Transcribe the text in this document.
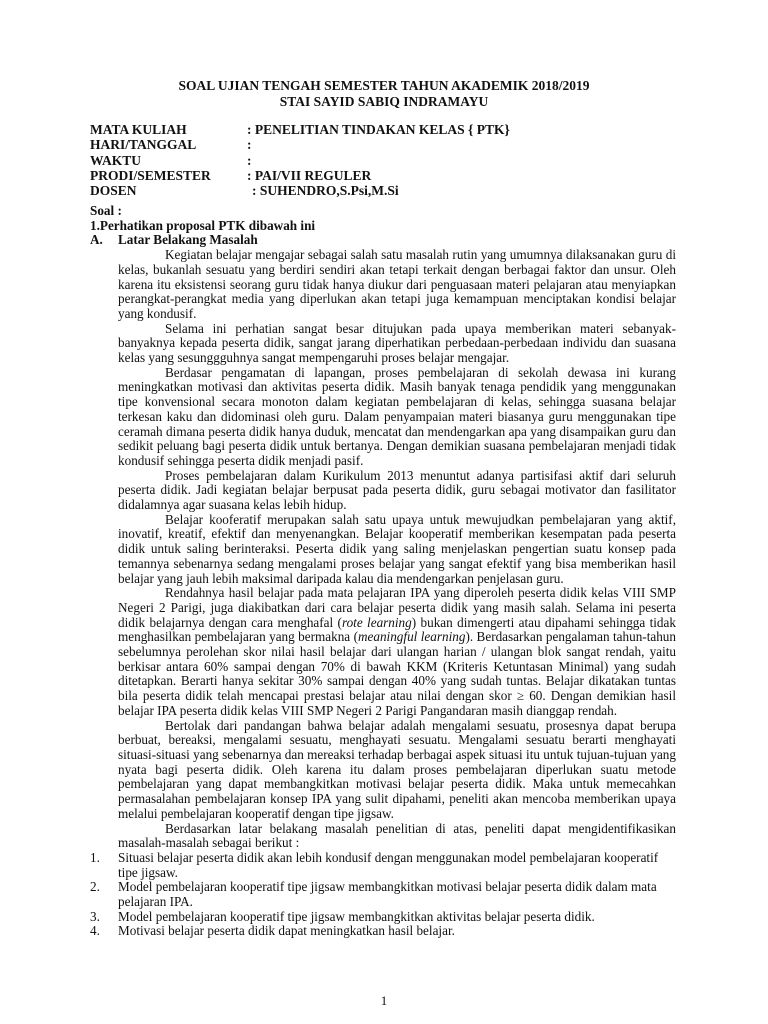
SOAL UJIAN TENGAH SEMESTER TAHUN AKADEMIK 2018/2019
STAI SAYID SABIQ INDRAMAYU
MATA KULIAH	: PENELITIAN TINDAKAN KELAS { PTK}
HARI/TANGGAL	:
WAKTU	:
PRODI/SEMESTER	: PAI/VII REGULER
DOSEN	: SUHENDRO,S.Psi,M.Si
Soal :
1.Perhatikan proposal PTK dibawah ini
A. Latar Belakang Masalah

Kegiatan belajar mengajar sebagai salah satu masalah rutin yang umumnya dilaksanakan guru di kelas, bukanlah sesuatu yang berdiri sendiri akan tetapi terkait dengan berbagai faktor dan unsur. Oleh karena itu eksistensi seorang guru tidak hanya diukur dari penguasaan materi pelajaran atau menyiapkan perangkat-perangkat media yang diperlukan akan tetapi juga kemampuan menciptakan kondisi belajar yang kondusif.

Selama ini perhatian sangat besar ditujukan pada upaya memberikan materi sebanyak-banyaknya kepada peserta didik, sangat jarang diperhatikan perbedaan-perbedaan individu dan suasana kelas yang sesunggguhnya sangat mempengaruhi proses belajar mengajar.

Berdasar pengamatan di lapangan, proses pembelajaran di sekolah dewasa ini kurang meningkatkan motivasi dan aktivitas peserta didik. Masih banyak tenaga pendidik yang menggunakan tipe konvensional secara monoton dalam kegiatan pembelajaran di kelas, sehingga suasana belajar terkesan kaku dan didominasi oleh guru. Dalam penyampaian materi biasanya guru menggunakan tipe ceramah dimana peserta didik hanya duduk, mencatat dan mendengarkan apa yang disampaikan guru dan sedikit peluang bagi peserta didik untuk bertanya. Dengan demikian suasana pembelajaran menjadi tidak kondusif sehingga peserta didik menjadi pasif.

Proses pembelajaran dalam Kurikulum 2013 menuntut adanya partisifasi aktif dari seluruh peserta didik. Jadi kegiatan belajar berpusat pada peserta didik, guru sebagai motivator dan fasilitator didalamnya agar suasana kelas lebih hidup.

Belajar kooferatif merupakan salah satu upaya untuk mewujudkan pembelajaran yang aktif, inovatif, kreatif, efektif dan menyenangkan. Belajar kooperatif memberikan kesempatan pada peserta didik untuk saling berinteraksi. Peserta didik yang saling menjelaskan pengertian suatu konsep pada temannya sebenarnya sedang mengalami proses belajar yang sangat efektif yang bisa memberikan hasil belajar yang jauh lebih maksimal daripada kalau dia mendengarkan penjelasan guru.

Rendahnya hasil belajar pada mata pelajaran IPA yang diperoleh peserta didik kelas VIII SMP Negeri 2 Parigi, juga diakibatkan dari cara belajar peserta didik yang masih salah. Selama ini peserta didik belajarnya dengan cara menghafal (rote learning) bukan dimengerti atau dipahami sehingga tidak menghasilkan pembelajaran yang bermakna (meaningful learning). Berdasarkan pengalaman tahun-tahun sebelumnya perolehan skor nilai hasil belajar dari ulangan harian / ulangan blok sangat rendah, yaitu berkisar antara 60% sampai dengan 70% di bawah KKM (Kriteris Ketuntasan Minimal) yang sudah ditetapkan. Berarti hanya sekitar 30% sampai dengan 40% yang sudah tuntas. Belajar dikatakan tuntas bila peserta didik telah mencapai prestasi belajar atau nilai dengan skor ≥ 60. Dengan demikian hasil belajar IPA peserta didik kelas VIII SMP Negeri 2 Parigi Pangandaran masih dianggap rendah.

Bertolak dari pandangan bahwa belajar adalah mengalami sesuatu, prosesnya dapat berupa berbuat, bereaksi, mengalami sesuatu, menghayati sesuatu. Mengalami sesuatu berarti menghayati situasi-situasi yang sebenarnya dan mereaksi terhadap berbagai aspek situasi itu untuk tujuan-tujuan yang nyata bagi peserta didik. Oleh karena itu dalam proses pembelajaran diperlukan suatu metode pembelajaran yang dapat membangkitkan motivasi belajar peserta didik. Maka untuk memecahkan permasalahan pembelajaran konsep IPA yang sulit dipahami, peneliti akan mencoba memberikan upaya melalui pembelajaran kooperatif dengan tipe jigsaw.

Berdasarkan latar belakang masalah penelitian di atas, peneliti dapat mengidentifikasikan masalah-masalah sebagai berikut :

1. Situasi belajar peserta didik akan lebih kondusif dengan menggunakan model pembelajaran kooperatif tipe jigsaw.
2. Model pembelajaran kooperatif tipe jigsaw membangkitkan motivasi belajar peserta didik dalam mata pelajaran IPA.
3. Model pembelajaran kooperatif tipe jigsaw membangkitkan aktivitas belajar peserta didik.
4. Motivasi belajar peserta didik dapat meningkatkan hasil belajar.
1
